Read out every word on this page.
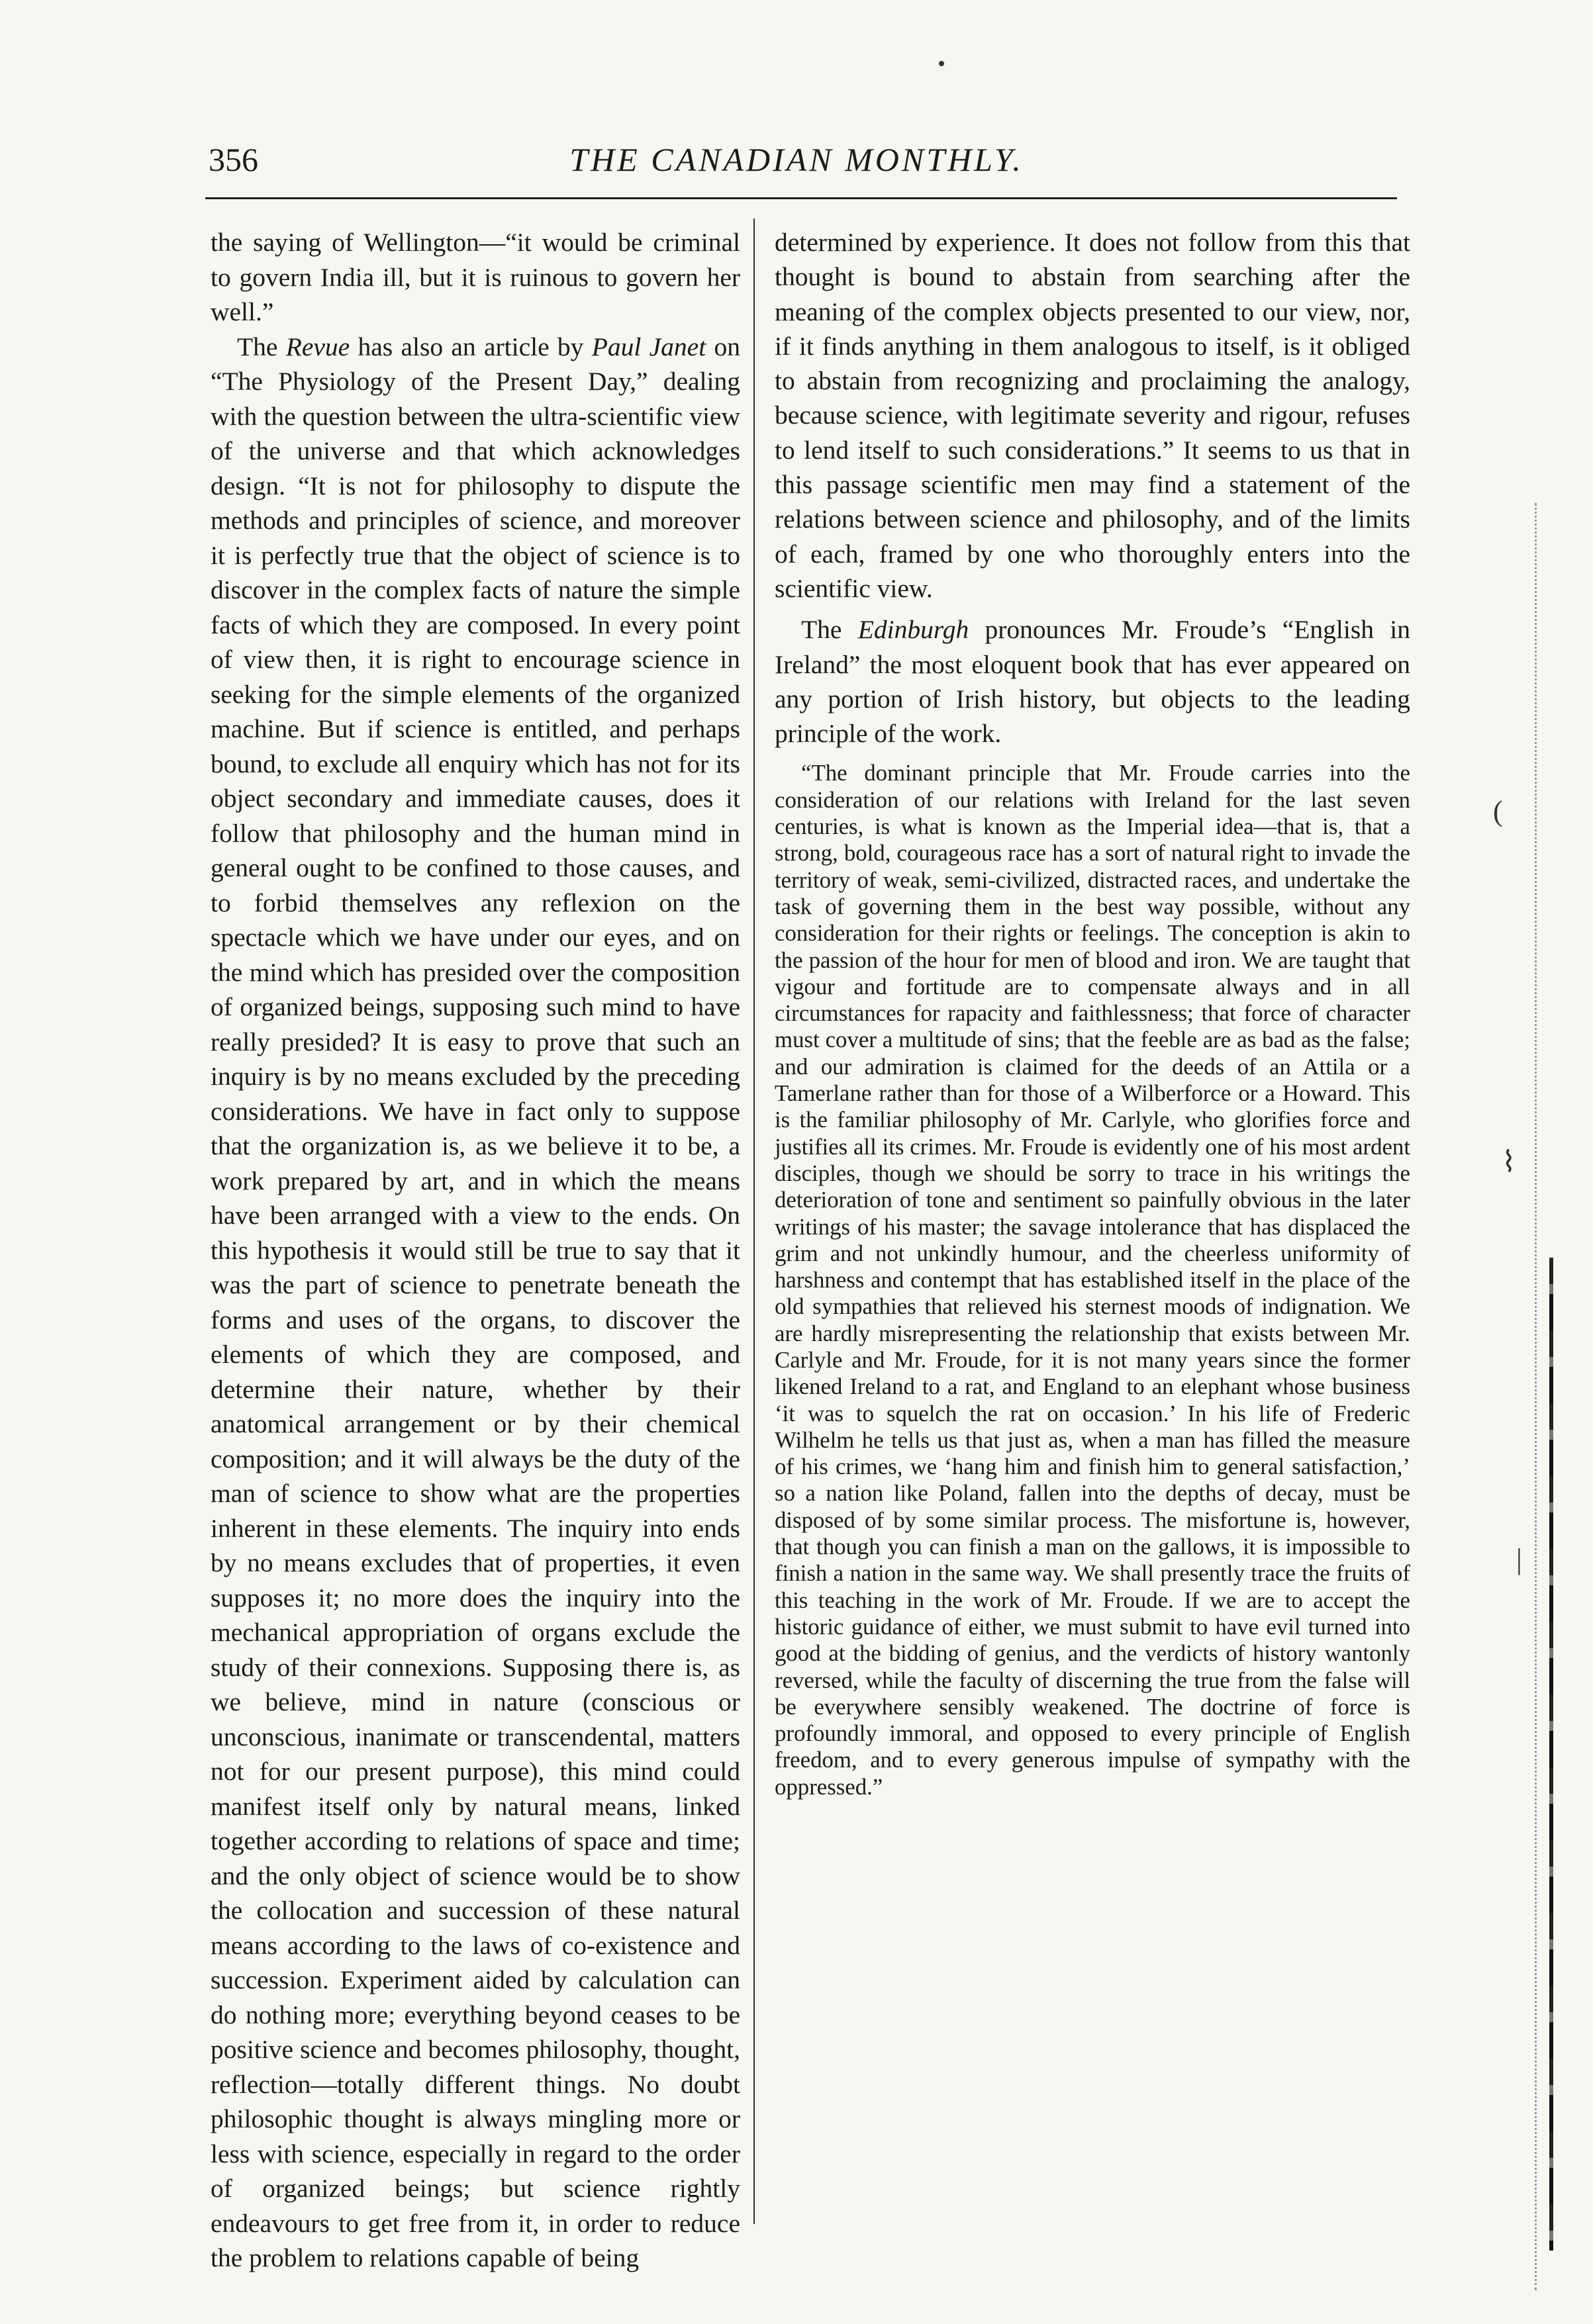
356	THE CANADIAN MONTHLY.

the saying of Wellington—“it would be criminal to govern India ill, but it is ruinous to govern her well.”

The Revue has also an article by Paul Janet on “The Physiology of the Present Day,” dealing with the question between the ultra-scientific view of the universe and that which acknowledges design. “It is not for philosophy to dispute the methods and principles of science, and moreover it is perfectly true that the object of science is to discover in the complex facts of nature the simple facts of which they are composed. In every point of view then, it is right to encourage science in seeking for the simple elements of the organized machine. But if science is entitled, and perhaps bound, to exclude all enquiry which has not for its object secondary and immediate causes, does it follow that philosophy and the human mind in general ought to be confined to those causes, and to forbid themselves any reflexion on the spectacle which we have under our eyes, and on the mind which has presided over the composition of organized beings, supposing such mind to have really presided? It is easy to prove that such an inquiry is by no means excluded by the preceding considerations. We have in fact only to suppose that the organization is, as we believe it to be, a work prepared by art, and in which the means have been arranged with a view to the ends. On this hypothesis it would still be true to say that it was the part of science to penetrate beneath the forms and uses of the organs, to discover the elements of which they are composed, and determine their nature, whether by their anatomical arrangement or by their chemical composition; and it will always be the duty of the man of science to show what are the properties inherent in these elements. The inquiry into ends by no means excludes that of properties, it even supposes it; no more does the inquiry into the mechanical appropriation of organs exclude the study of their connexions. Supposing there is, as we believe, mind in nature (conscious or unconscious, inanimate or transcendental, matters not for our present purpose), this mind could manifest itself only by natural means, linked together according to relations of space and time; and the only object of science would be to show the collocation and succession of these natural means according to the laws of co-existence and succession. Experiment aided by calculation can do nothing more; everything beyond ceases to be positive science and becomes philosophy, thought, reflection—totally different things. No doubt philosophic thought is always mingling more or less with science, especially in regard to the order of organized beings; but science rightly endeavours to get free from it, in order to reduce the problem to relations capable of being

determined by experience. It does not follow from this that thought is bound to abstain from searching after the meaning of the complex objects presented to our view, nor, if it finds anything in them analogous to itself, is it obliged to abstain from recognizing and proclaiming the analogy, because science, with legitimate severity and rigour, refuses to lend itself to such considerations.” It seems to us that in this passage scientific men may find a statement of the relations between science and philosophy, and of the limits of each, framed by one who thoroughly enters into the scientific view.

The Edinburgh pronounces Mr. Froude’s “English in Ireland” the most eloquent book that has ever appeared on any portion of Irish history, but objects to the leading principle of the work.

“The dominant principle that Mr. Froude carries into the consideration of our relations with Ireland for the last seven centuries, is what is known as the Imperial idea—that is, that a strong, bold, courageous race has a sort of natural right to invade the territory of weak, semi-civilized, distracted races, and undertake the task of governing them in the best way possible, without any consideration for their rights or feelings. The conception is akin to the passion of the hour for men of blood and iron. We are taught that vigour and fortitude are to compensate always and in all circumstances for rapacity and faithlessness; that force of character must cover a multitude of sins; that the feeble are as bad as the false; and our admiration is claimed for the deeds of an Attila or a Tamerlane rather than for those of a Wilberforce or a Howard. This is the familiar philosophy of Mr. Carlyle, who glorifies force and justifies all its crimes. Mr. Froude is evidently one of his most ardent disciples, though we should be sorry to trace in his writings the deterioration of tone and sentiment so painfully obvious in the later writings of his master; the savage intolerance that has displaced the grim and not unkindly humour, and the cheerless uniformity of harshness and contempt that has established itself in the place of the old sympathies that relieved his sternest moods of indignation. We are hardly misrepresenting the relationship that exists between Mr. Carlyle and Mr. Froude, for it is not many years since the former likened Ireland to a rat, and England to an elephant whose business ‘it was to squelch the rat on occasion.’ In his life of Frederic Wilhelm he tells us that just as, when a man has filled the measure of his crimes, we ‘hang him and finish him to general satisfaction,’ so a nation like Poland, fallen into the depths of decay, must be disposed of by some similar process. The misfortune is, however, that though you can finish a man on the gallows, it is impossible to finish a nation in the same way. We shall presently trace the fruits of this teaching in the work of Mr. Froude. If we are to accept the historic guidance of either, we must submit to have evil turned into good at the bidding of genius, and the verdicts of history wantonly reversed, while the faculty of discerning the true from the false will be everywhere sensibly weakened. The doctrine of force is profoundly immoral, and opposed to every principle of English freedom, and to every generous impulse of sympathy with the oppressed.”

(
⌇
|
